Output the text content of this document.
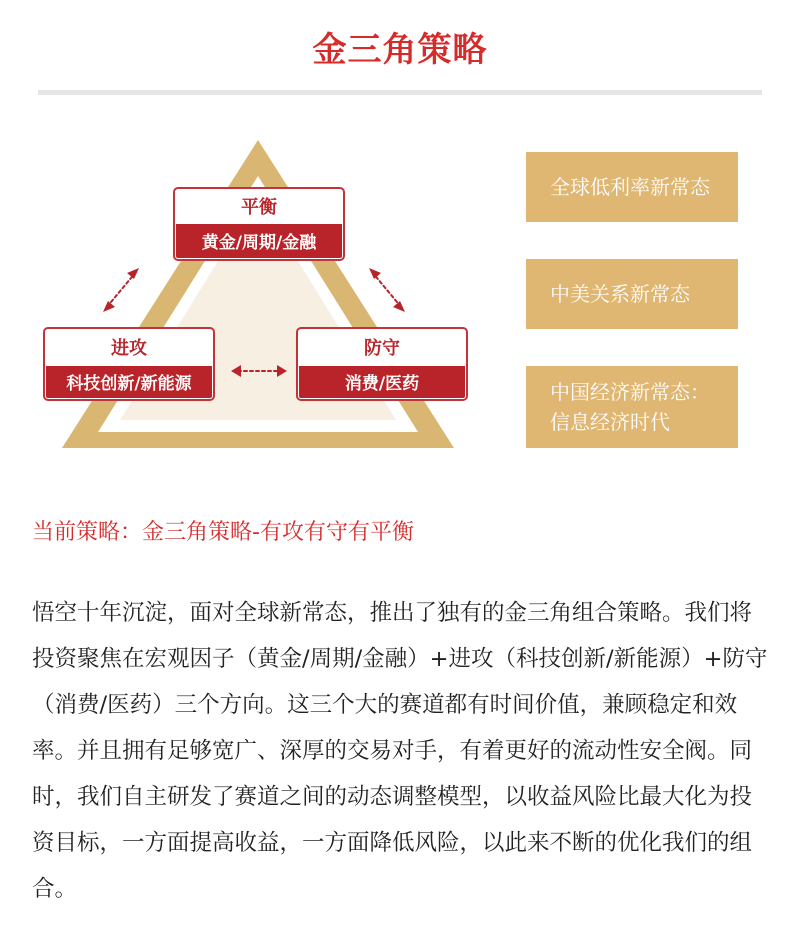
金三角策略
平衡
黄金/周期/金融
进攻
科技创新/新能源
防守
消费/医药
全球低利率新常态
中美关系新常态
中国经济新常态：
信息经济时代
当前策略：金三角策略-有攻有守有平衡
悟空十年沉淀，面对全球新常态，推出了独有的金三角组合策略。我们将投资聚焦在宏观因子（黄金/周期/金融）+进攻（科技创新/新能源）+防守（消费/医药）三个方向。这三个大的赛道都有时间价值，兼顾稳定和效率。并且拥有足够宽广、深厚的交易对手，有着更好的流动性安全阀。同时，我们自主研发了赛道之间的动态调整模型，以收益风险比最大化为投资目标，一方面提高收益，一方面降低风险，以此来不断的优化我们的组合。
